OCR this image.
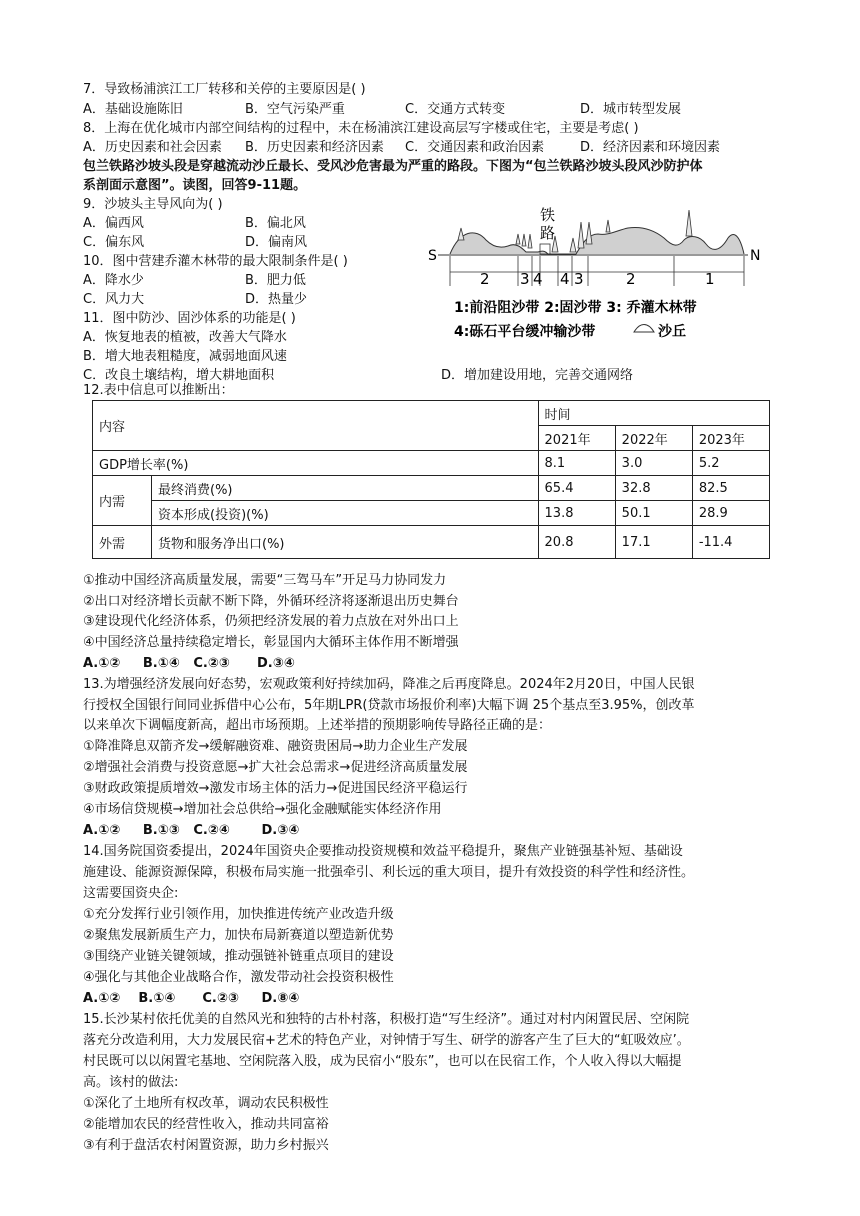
7．导致杨浦滨江工厂转移和关停的主要原因是( )
A．基础设施陈旧	B．空气污染严重	C．交通方式转变	D．城市转型发展
8．上海在优化城市内部空间结构的过程中，未在杨浦滨江建设高层写字楼或住宅，主要是考虑( )
A．历史因素和社会因素 B．历史因素和经济因素 C．交通因素和政治因素	D．经济因素和环境因素
包兰铁路沙坡头段是穿越流动沙丘最长、受风沙危害最为严重的路段。下图为“包兰铁路沙坡头段风沙防护体
系剖面示意图”。读图，回答9-11题。
9．沙坡头主导风向为( )
A．偏西风	B．偏北风
C．偏东风	D．偏南风
10．图中营建乔灌木林带的最大限制条件是( )
A．降水少	B．肥力低
C．风力大	D．热量少
11．图中防沙、固沙体系的功能是( )
A．恢复地表的植被，改善大气降水
B．增大地表粗糙度，减弱地面风速
C．改良土壤结构，增大耕地面积	D．增加建设用地，完善交通网络
铁
路
S	N
2 3 4 4 3	2	1
1:前沿阻沙带 2:固沙带 3: 乔灌木林带
4:砾石平台缓冲输沙带	沙丘
12.表中信息可以推断出：
内容		时间		
		2021年	2022年	2023年
GDP增长率(%)		8.1	3.0	5.2
内需	最终消费(%)	65.4	32.8	82.5
	资本形成(投资)(%)	13.8	50.1	28.9
外需	货物和服务净出口(%)	20.8	17.1	-11.4
①推动中国经济高质量发展，需要“三驾马车”开足马力协同发力
②出口对经济增长贡献不断下降，外循环经济将逐渐退出历史舞台
③建设现代化经济体系，仍须把经济发展的着力点放在对外出口上
④中国经济总量持续稳定增长，彰显国内大循环主体作用不断增强
A.①②     B.①④   C.②③      D.③④
13.为增强经济发展向好态势，宏观政策利好持续加码，降准之后再度降息。2024年2月20日，中国人民银
行授权全国银行间同业拆借中心公布，5年期LPR(贷款市场报价利率)大幅下调 25个基点至3.95%，创改革
以来单次下调幅度新高，超出市场预期。上述举措的预期影响传导路径正确的是：
①降准降息双箭齐发→缓解融资难、融资贵困局→助力企业生产发展
②增强社会消费与投资意愿→扩大社会总需求→促进经济高质量发展
③财政政策提质增效→激发市场主体的活力→促进国民经济平稳运行
④市场信贷规模→增加社会总供给→强化金融赋能实体经济作用
A.①②     B.①③   C.②④       D.③④
14.国务院国资委提出，2024年国资央企要推动投资规模和效益平稳提升，聚焦产业链强基补短、基础设
施建设、能源资源保障，积极布局实施一批强牵引、利长远的重大项目，提升有效投资的科学性和经济性。
这需要国资央企:
①充分发挥行业引领作用，加快推进传统产业改造升级
②聚焦发展新质生产力，加快布局新赛道以塑造新优势
③围绕产业链关键领域，推动强链补链重点项目的建设
④强化与其他企业战略合作，激发带动社会投资积极性
A.①②    B.①④      C.②③     D.⑧④
15.长沙某村依托优美的自然风光和独特的古朴村落，积极打造“写生经济”。通过对村内闲置民居、空闲院
落充分改造利用，大力发展民宿+艺术的特色产业，对钟情于写生、研学的游客产生了巨大的“虹吸效应’。
村民既可以以闲置宅基地、空闲院落入股，成为民宿小“股东”，也可以在民宿工作，个人收入得以大幅提
高。该村的做法:
①深化了土地所有权改革，调动农民积极性
②能增加农民的经营性收入，推动共同富裕
③有利于盘活农村闲置资源，助力乡村振兴
